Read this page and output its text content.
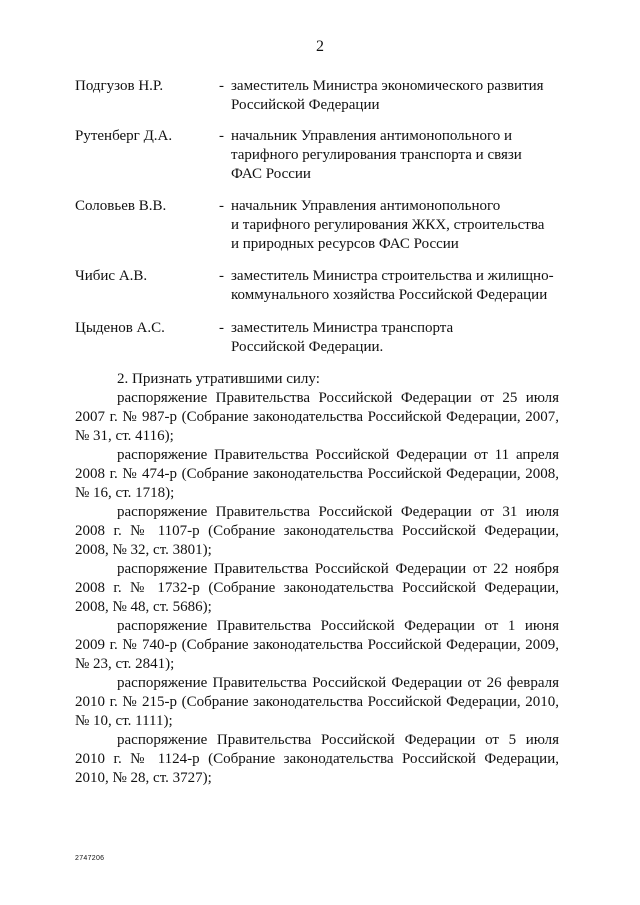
2
Подгузов Н.Р.	- заместитель Министра экономического развития
Российской Федерации
Рутенберг Д.А.	- начальник Управления антимонопольного и
тарифного регулирования транспорта и связи
ФАС России
Соловьев В.В.	- начальник Управления антимонопольного
и тарифного регулирования ЖКХ, строительства
и природных ресурсов ФАС России
Чибис А.В.	- заместитель Министра строительства и жилищно-
коммунального хозяйства Российской Федерации
Цыденов А.С.	- заместитель Министра транспорта
Российской Федерации.
2. Признать утратившими силу:
распоряжение Правительства Российской Федерации от 25 июля
2007 г. № 987-р (Собрание законодательства Российской Федерации, 2007,
№ 31, ст. 4116);
распоряжение Правительства Российской Федерации от 11 апреля
2008 г. № 474-р (Собрание законодательства Российской Федерации, 2008,
№ 16, ст. 1718);
распоряжение Правительства Российской Федерации от 31 июля
2008 г. № 1107-р (Собрание законодательства Российской Федерации,
2008, № 32, ст. 3801);
распоряжение Правительства Российской Федерации от 22 ноября
2008 г. № 1732-р (Собрание законодательства Российской Федерации,
2008, № 48, ст. 5686);
распоряжение Правительства Российской Федерации от 1 июня
2009 г. № 740-р (Собрание законодательства Российской Федерации, 2009,
№ 23, ст. 2841);
распоряжение Правительства Российской Федерации от 26 февраля
2010 г. № 215-р (Собрание законодательства Российской Федерации, 2010,
№ 10, ст. 1111);
распоряжение Правительства Российской Федерации от 5 июля
2010 г. № 1124-р (Собрание законодательства Российской Федерации,
2010, № 28, ст. 3727);
2747206
